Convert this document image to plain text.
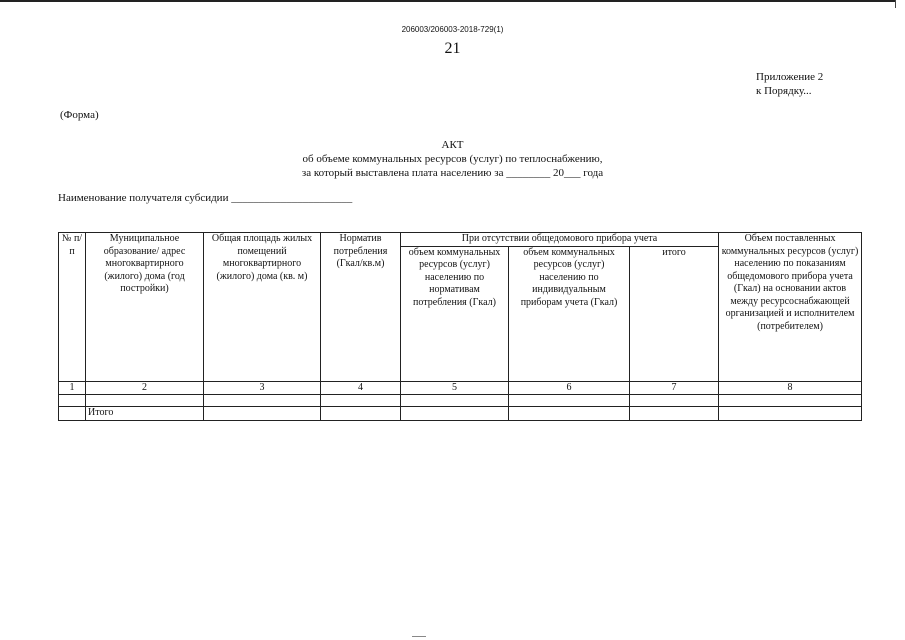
206003/206003-2018-729(1)
21
Приложение 2
к Порядку...
(Форма)
АКТ
об объеме коммунальных ресурсов (услуг) по теплоснабжению,
за который выставлена плата населению за ________ 20___ года
Наименование получателя субсидии ______________________
№ п/п	Муниципальное образование/ адрес многоквартирного (жилого) дома (год постройки)	Общая площадь жилых помещений многоквартирного (жилого) дома (кв. м)	Норматив потребления (Гкал/кв.м)	При отсутствии общедомового прибора учета			Объем поставленных коммунальных ресурсов (услуг) населению по показаниям общедомового прибора учета (Гкал) на основании актов между ресурсоснабжающей организацией и исполнителем (потребителем)
				объем коммунальных ресурсов (услуг) населению по нормативам потребления (Гкал)	объем коммунальных ресурсов (услуг) населению по индивидуальным приборам учета (Гкал)	итого	
1	2	3	4	5	6	7	8

	Итого						
